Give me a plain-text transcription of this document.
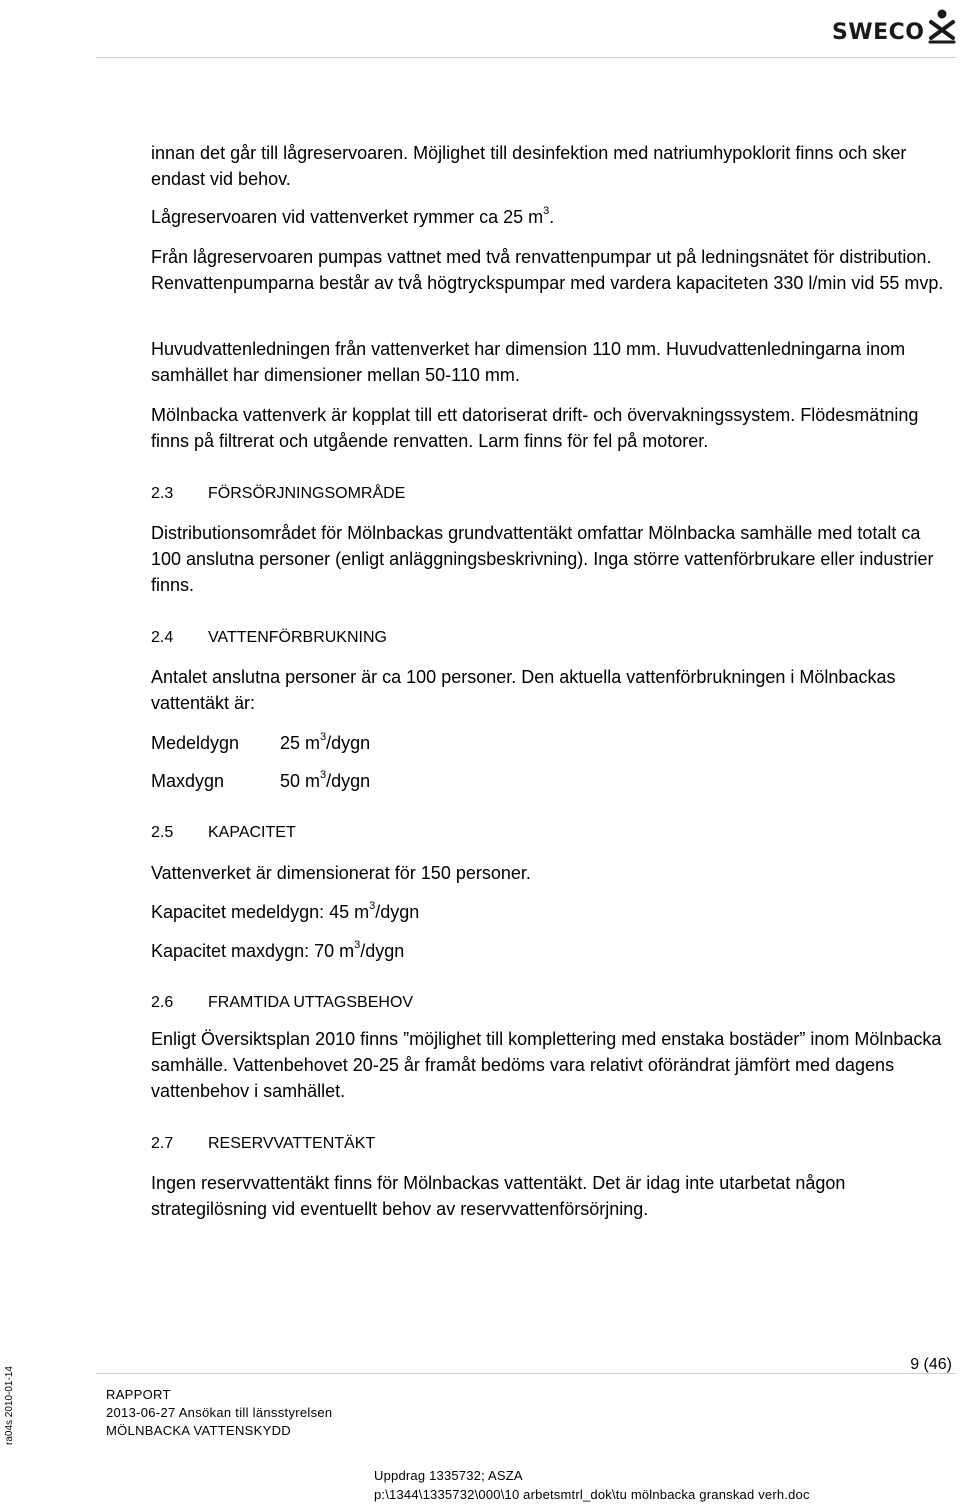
SWECO

innan det går till lågreservoaren. Möjlighet till desinfektion med natriumhypoklorit finns och sker endast vid behov.

Lågreservoaren vid vattenverket rymmer ca 25 $m^3$.

Från lågreservoaren pumpas vattnet med två renvattenpumpar ut på ledningsnätet för distribution. Renvattenpumparna består av två högtryckspumpar med vardera kapaciteten 330 l/min vid 55 mvp.

Huvudvattenledningen från vattenverket har dimension 110 mm. Huvudvattenledningarna inom samhället har dimensioner mellan 50-110 mm.

Mölnbacka vattenverk är kopplat till ett datoriserat drift- och övervakningssystem. Flödesmätning finns på filtrerat och utgående renvatten. Larm finns för fel på motorer.

2.3 FÖRSÖRJNINGSOMRÅDE

Distributionsområdet för Mölnbackas grundvattentäkt omfattar Mölnbacka samhälle med totalt ca 100 anslutna personer (enligt anläggningsbeskrivning). Inga större vattenförbrukare eller industrier finns.

2.4 VATTENFÖRBRUKNING

Antalet anslutna personer är ca 100 personer. Den aktuella vattenförbrukningen i Mölnbackas vattentäkt är:

Medeldygn 25 $m^3$/dygn
Maxdygn	50 $m^3$/dygn
2.5 KAPACITET

Vattenverket är dimensionerat för 150 personer.

Kapacitet medeldygn: 45 $m^3$/dygn

Kapacitet maxdygn: 70 $m^3$/dygn

2.6 FRAMTIDA UTTAGSBEHOV

Enligt Översiktsplan 2010 finns ”möjlighet till komplettering med enstaka bostäder” inom Mölnbacka samhälle. Vattenbehovet 20-25 år framåt bedöms vara relativt oförändrat jämfört med dagens vattenbehov i samhället.

2.7 RESERVVATTENTÄKT

Ingen reservvattentäkt finns för Mölnbackas vattentäkt. Det är idag inte utarbetat någon strategilösning vid eventuellt behov av reservvattenförsörjning.

ra04s 2010-01-14
9 (46)
RAPPORT
2013-06-27 Ansökan till länsstyrelsen
MÖLNBACKA VATTENSKYDD
Uppdrag 1335732; ASZA
p:\1344\1335732\000\10 arbetsmtrl_dok\tu mölnbacka granskad verh.doc
